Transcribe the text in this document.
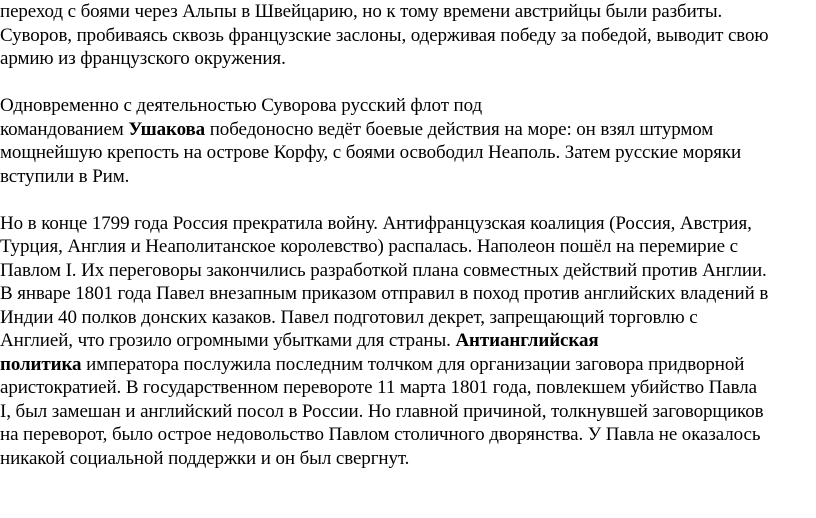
переход с боями через Альпы в Швейцарию, но к тому времени австрийцы были разбиты.
Суворов, пробиваясь сквозь французские заслоны, одерживая победу за победой, выводит свою
армию из французского окружения.
Одновременно с деятельностью Суворова русский флот под
командованием Ушакова победоносно ведёт боевые действия на море: он взял штурмом
мощнейшую крепость на острове Корфу, с боями освободил Неаполь. Затем русские моряки
вступили в Рим.
Но в конце 1799 года Россия прекратила войну. Антифранцузская коалиция (Россия, Австрия,
Турция, Англия и Неаполитанское королевство) распалась. Наполеон пошёл на перемирие с
Павлом I. Их переговоры закончились разработкой плана совместных действий против Англии.
В январе 1801 года Павел внезапным приказом отправил в поход против английских владений в
Индии 40 полков донских казаков. Павел подготовил декрет, запрещающий торговлю с
Англией, что грозило огромными убытками для страны. Антианглийская
политика императора послужила последним толчком для организации заговора придворной
аристократией. В государственном перевороте 11 марта 1801 года, повлекшем убийство Павла
I, был замешан и английский посол в России. Но главной причиной, толкнувшей заговорщиков
на переворот, было острое недовольство Павлом столичного дворянства. У Павла не оказалось
никакой социальной поддержки и он был свергнут.
